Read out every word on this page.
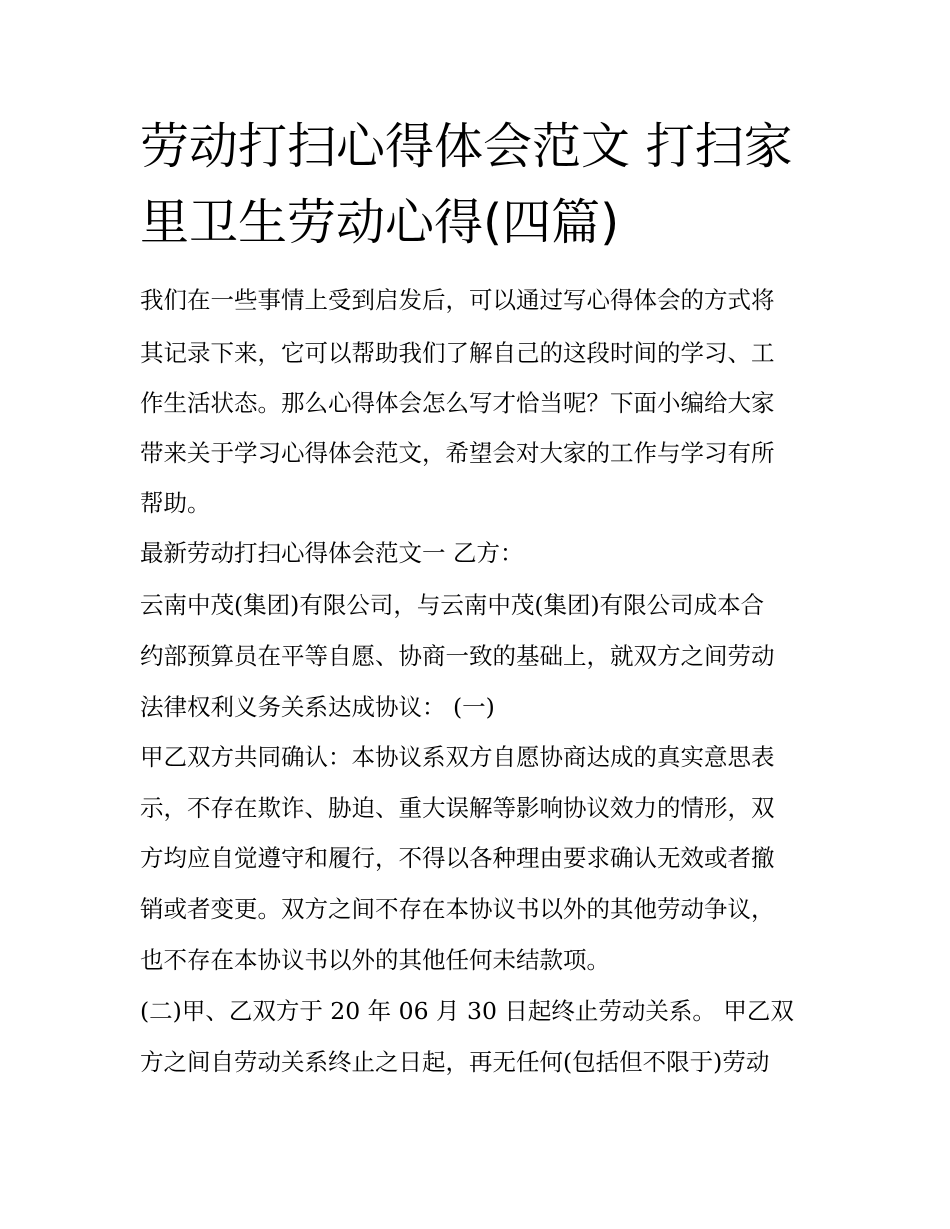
劳动打扫心得体会范文 打扫家
里卫生劳动心得(四篇)

我们在一些事情上受到启发后，可以通过写心得体会的方式将

其记录下来，它可以帮助我们了解自己的这段时间的学习、工

作生活状态。那么心得体会怎么写才恰当呢？下面小编给大家

带来关于学习心得体会范文，希望会对大家的工作与学习有所

帮助。

最新劳动打扫心得体会范文一 乙方：

云南中茂(集团)有限公司，与云南中茂(集团)有限公司成本合

约部预算员在平等自愿、协商一致的基础上，就双方之间劳动

法律权利义务关系达成协议： (一)

甲乙双方共同确认：本协议系双方自愿协商达成的真实意思表

示，不存在欺诈、胁迫、重大误解等影响协议效力的情形，双

方均应自觉遵守和履行，不得以各种理由要求确认无效或者撤

销或者变更。双方之间不存在本协议书以外的其他劳动争议，

也不存在本协议书以外的其他任何未结款项。

(二)甲、乙双方于 20 年 06 月 30 日起终止劳动关系。 甲乙双

方之间自劳动关系终止之日起，再无任何(包括但不限于)劳动
